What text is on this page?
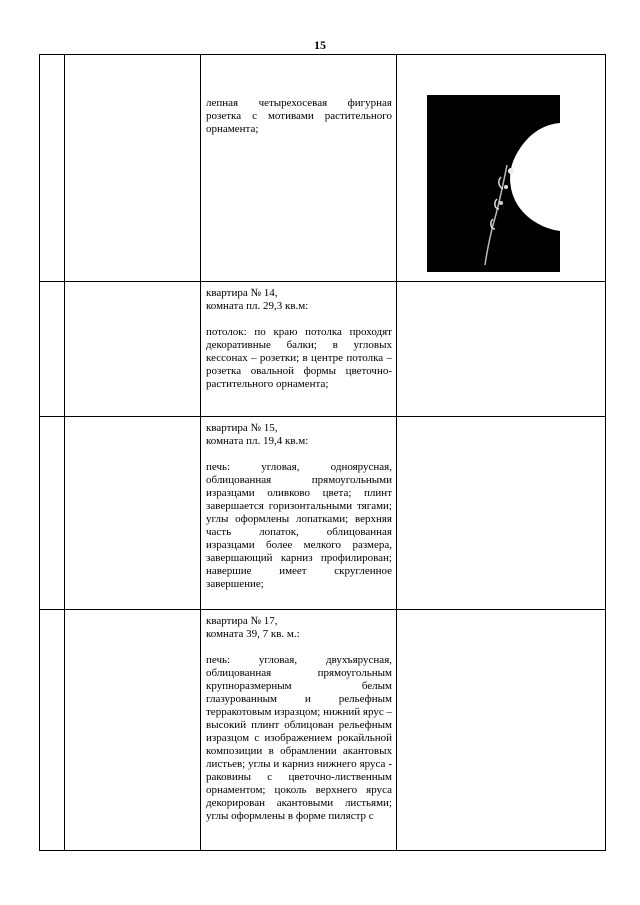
15

		лепная четырехосевая фигурная розетка с мотивами растительного орнамента;

		квартира № 14,
комната пл. 29,3 кв.м:
потолок: по краю потолка проходят декоративные балки; в угловых кессонах – розетки; в центре потолка – розетка овальной формы цветочно-растительного орнамента;	

		квартира № 15,
комната пл. 19,4 кв.м:
печь: угловая, одноярусная, облицованная прямоугольными изразцами оливково цвета; плинт завершается горизонтальными тягами; углы оформлены лопатками; верхняя часть лопаток, облицованная изразцами более мелкого размера, завершающий карниз профилирован; навершие имеет скругленное завершение;	

		квартира № 17,
комната 39, 7 кв. м.:
печь: угловая, двухъярусная, облицованная прямоугольным крупноразмерным белым глазурованным и рельефным терракотовым изразцом; нижний ярус – высокий плинт облицован рельефным изразцом с изображением рокайльной композиции в обрамлении акантовых листьев; углы и карниз нижнего яруса - раковины с цветочно-лиственным орнаментом; цоколь верхнего яруса декорирован акантовыми листьями; углы оформлены в форме пилястр с	
